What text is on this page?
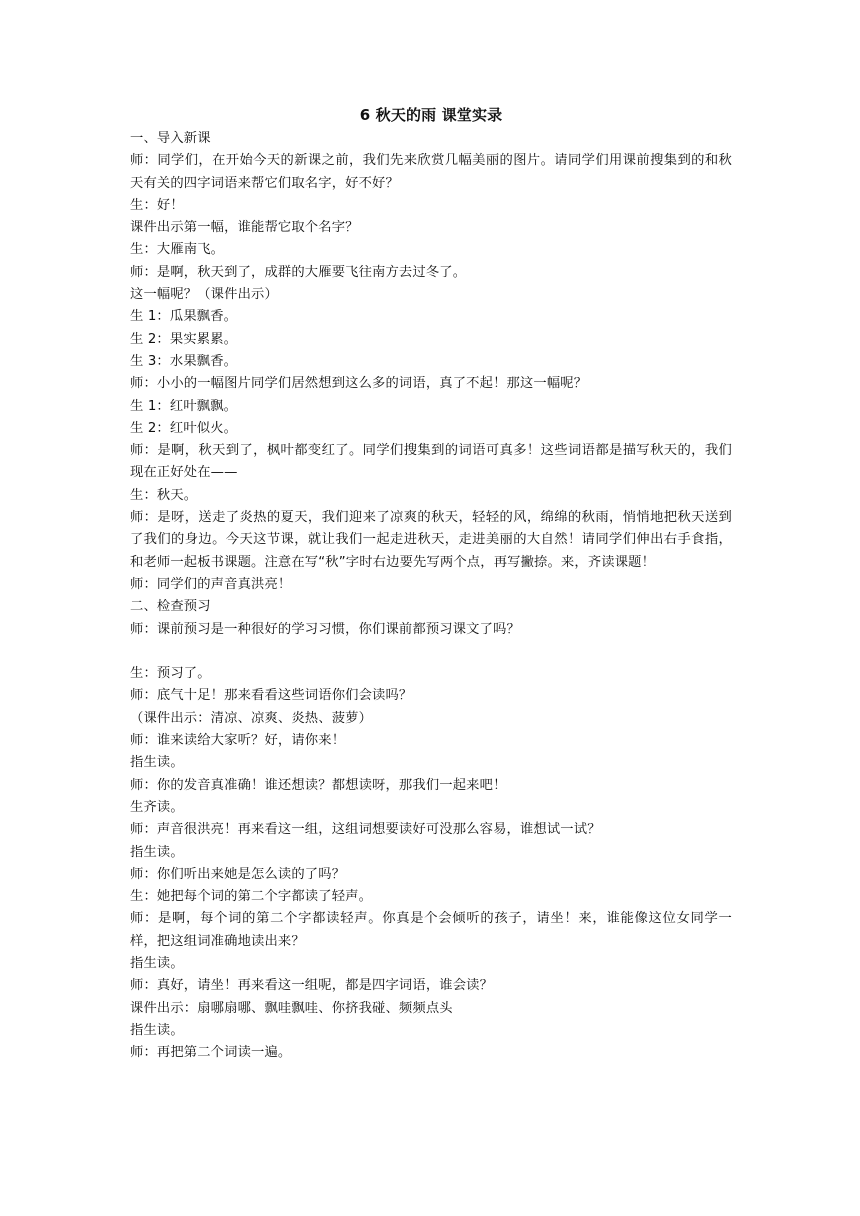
6 秋天的雨 课堂实录

一、导入新课

师：同学们，在开始今天的新课之前，我们先来欣赏几幅美丽的图片。请同学们用课前搜集到的和秋天有关的四字词语来帮它们取名字，好不好？

生：好！

课件出示第一幅，谁能帮它取个名字？

生：大雁南飞。

师：是啊，秋天到了，成群的大雁要飞往南方去过冬了。

这一幅呢？（课件出示）

生 1：瓜果飘香。

生 2：果实累累。

生 3：水果飘香。

师：小小的一幅图片同学们居然想到这么多的词语，真了不起！那这一幅呢？

生 1：红叶飘飘。

生 2：红叶似火。

师：是啊，秋天到了，枫叶都变红了。同学们搜集到的词语可真多！这些词语都是描写秋天的，我们现在正好处在——

生：秋天。

师：是呀，送走了炎热的夏天，我们迎来了凉爽的秋天，轻轻的风，绵绵的秋雨，悄悄地把秋天送到了我们的身边。今天这节课，就让我们一起走进秋天，走进美丽的大自然！请同学们伸出右手食指，和老师一起板书课题。注意在写“秋”字时右边要先写两个点，再写撇捺。来，齐读课题！

师：同学们的声音真洪亮！

二、检查预习

师：课前预习是一种很好的学习习惯，你们课前都预习课文了吗？

生：预习了。

师：底气十足！那来看看这些词语你们会读吗？

（课件出示：清凉、凉爽、炎热、菠萝）

师：谁来读给大家听？好，请你来！

指生读。

师：你的发音真准确！谁还想读？都想读呀，那我们一起来吧！

生齐读。

师：声音很洪亮！再来看这一组，这组词想要读好可没那么容易，谁想试一试？

指生读。

师：你们听出来她是怎么读的了吗？

生：她把每个词的第二个字都读了轻声。

师：是啊，每个词的第二个字都读轻声。你真是个会倾听的孩子，请坐！来，谁能像这位女同学一样，把这组词准确地读出来？

指生读。

师：真好，请坐！再来看这一组呢，都是四字词语，谁会读？

课件出示：扇哪扇哪、飘哇飘哇、你挤我碰、频频点头

指生读。

师：再把第二个词读一遍。
